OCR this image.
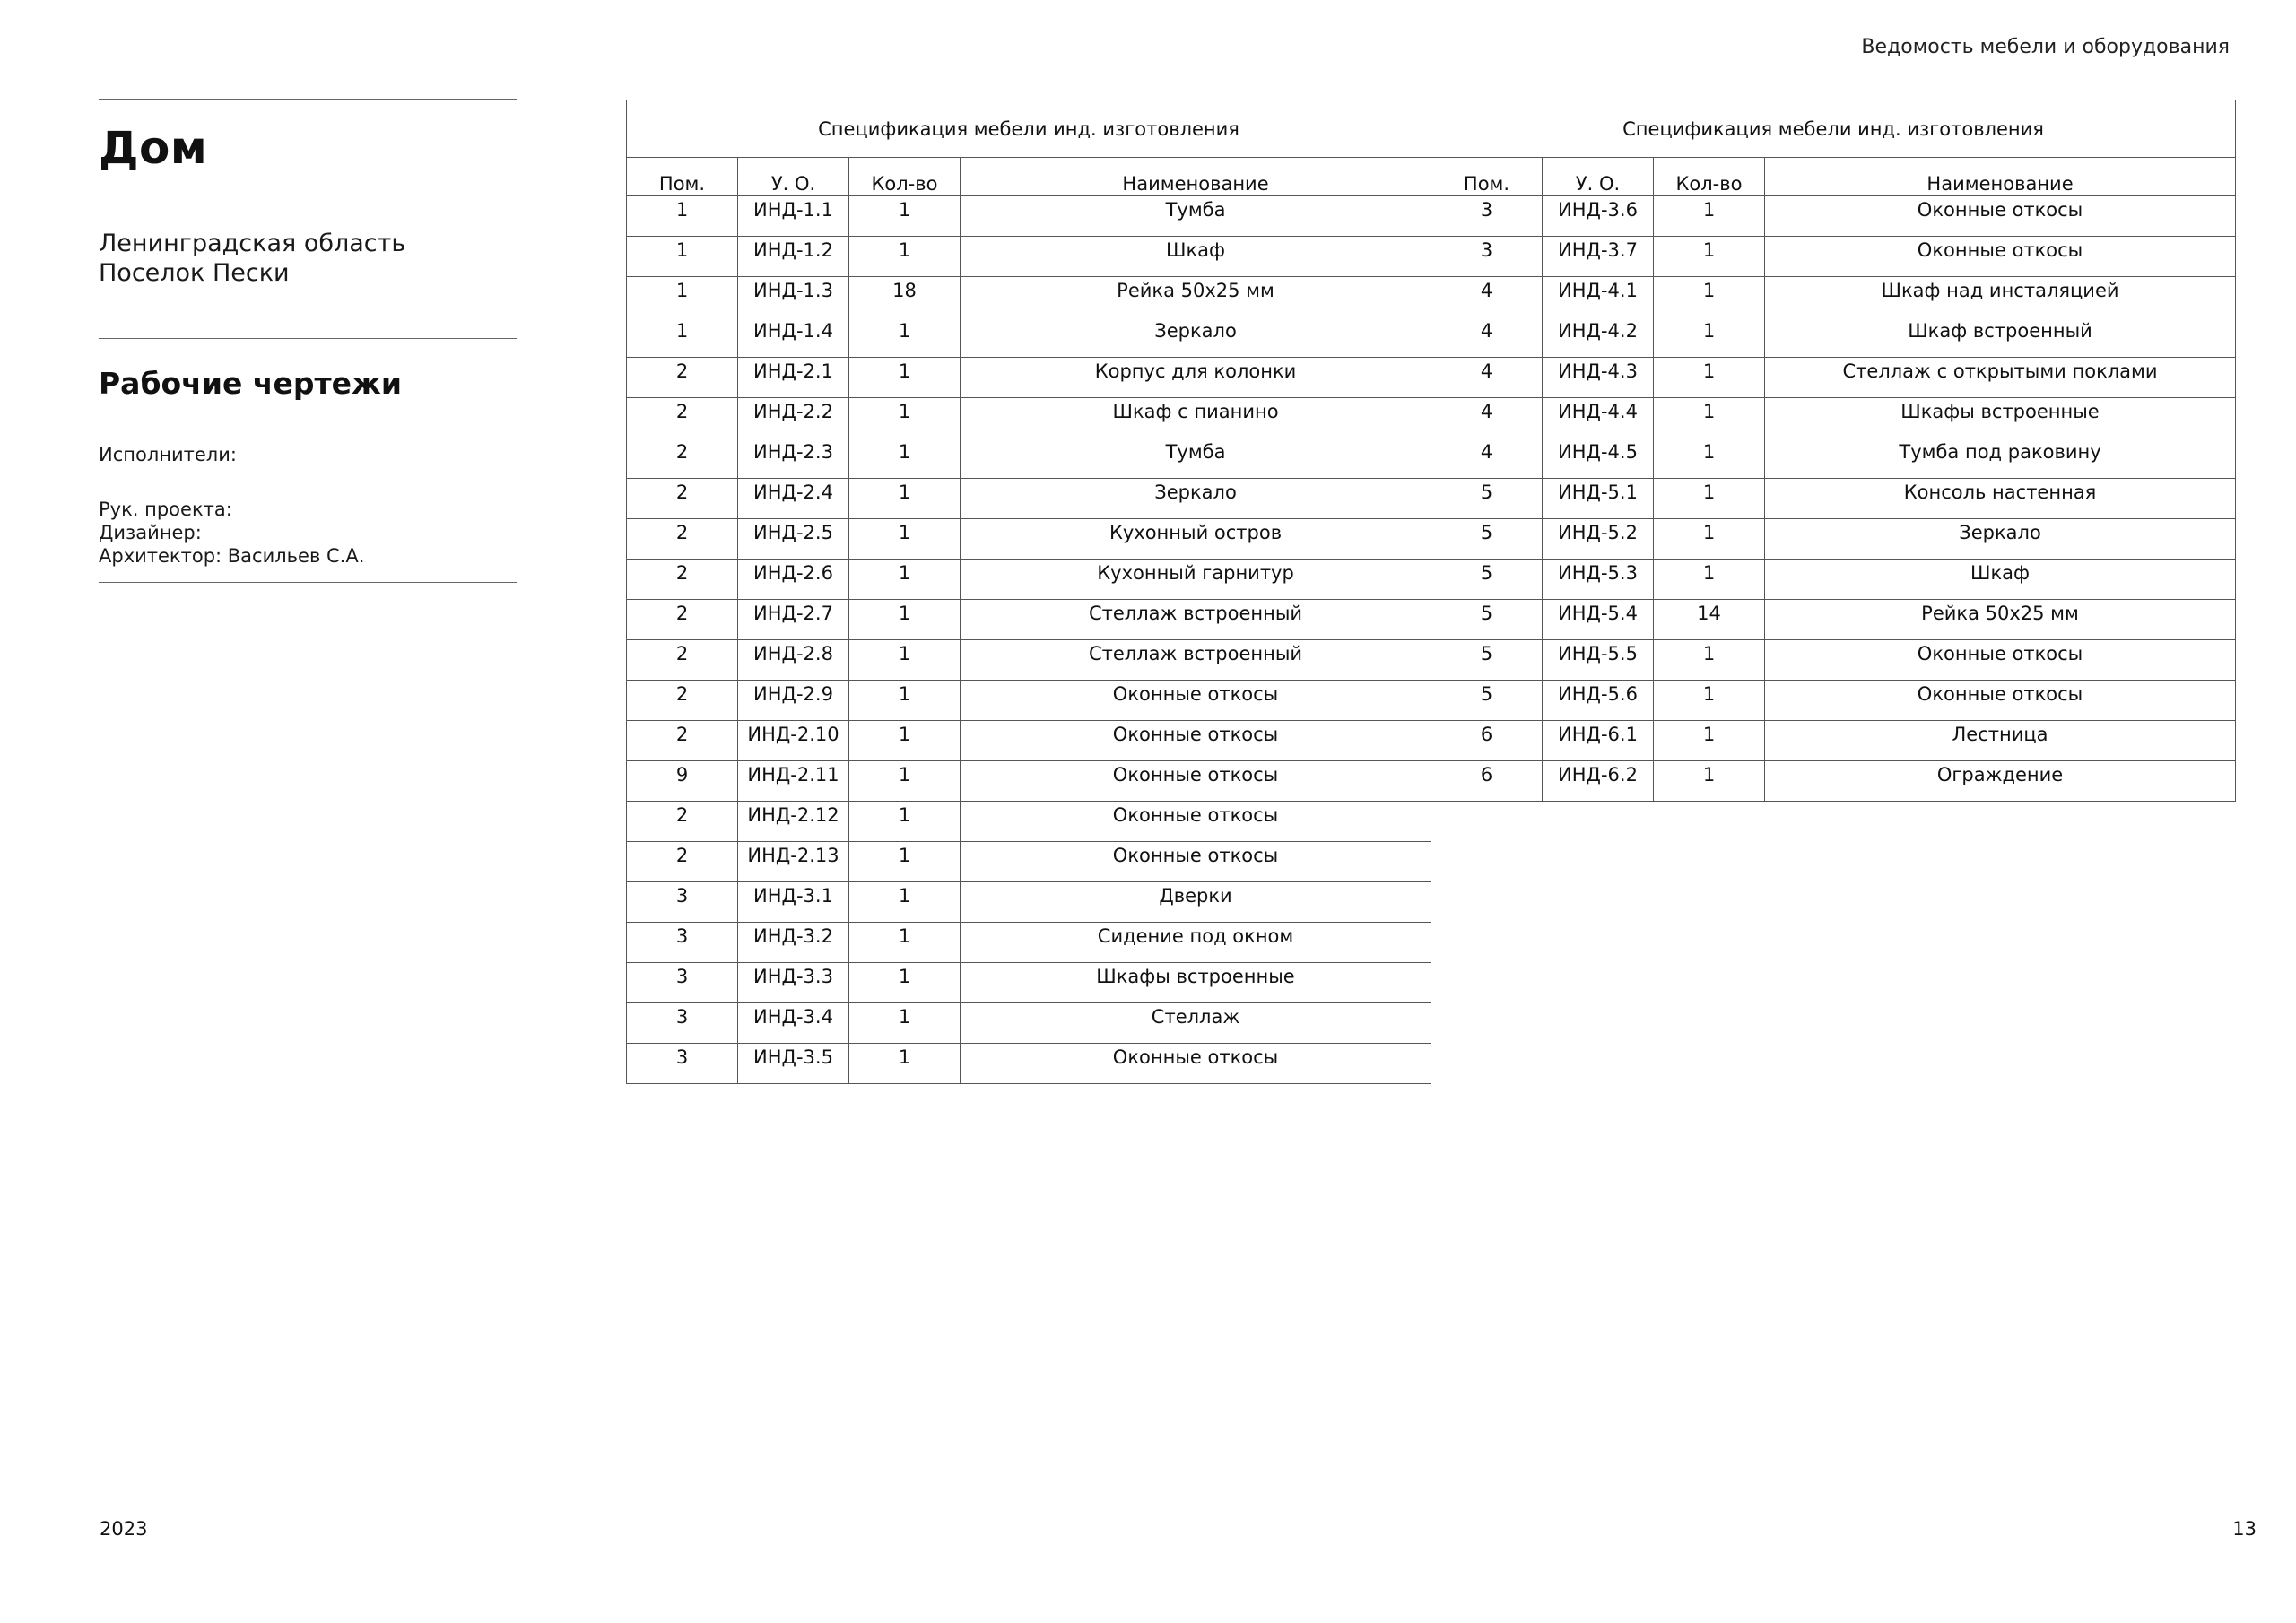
Ведомость мебели и оборудования
Дом
Ленинградская область
Поселок Пески
Рабочие чертежи
Исполнители:
Рук. проекта:
Дизайнер:
Архитектор: Васильев С.А.
Спецификация мебели инд. изготовления			
Пом.	У. О.	Кол-во	Наименование
1	ИНД-1.1	1	Тумба
1	ИНД-1.2	1	Шкаф
1	ИНД-1.3	18	Рейка 50х25 мм
1	ИНД-1.4	1	Зеркало
2	ИНД-2.1	1	Корпус для колонки
2	ИНД-2.2	1	Шкаф с пианино
2	ИНД-2.3	1	Тумба
2	ИНД-2.4	1	Зеркало
2	ИНД-2.5	1	Кухонный остров
2	ИНД-2.6	1	Кухонный гарнитур
2	ИНД-2.7	1	Стеллаж встроенный
2	ИНД-2.8	1	Стеллаж встроенный
2	ИНД-2.9	1	Оконные откосы
2	ИНД-2.10	1	Оконные откосы
9	ИНД-2.11	1	Оконные откосы
2	ИНД-2.12	1	Оконные откосы
2	ИНД-2.13	1	Оконные откосы
3	ИНД-3.1	1	Дверки
3	ИНД-3.2	1	Сидение под окном
3	ИНД-3.3	1	Шкафы встроенные
3	ИНД-3.4	1	Стеллаж
3	ИНД-3.5	1	Оконные откосы
Спецификация мебели инд. изготовления			
Пом.	У. О.	Кол-во	Наименование
3	ИНД-3.6	1	Оконные откосы
3	ИНД-3.7	1	Оконные откосы
4	ИНД-4.1	1	Шкаф над инсталяцией
4	ИНД-4.2	1	Шкаф встроенный
4	ИНД-4.3	1	Стеллаж с открытыми поклами
4	ИНД-4.4	1	Шкафы встроенные
4	ИНД-4.5	1	Тумба под раковину
5	ИНД-5.1	1	Консоль настенная
5	ИНД-5.2	1	Зеркало
5	ИНД-5.3	1	Шкаф
5	ИНД-5.4	14	Рейка 50х25 мм
5	ИНД-5.5	1	Оконные откосы
5	ИНД-5.6	1	Оконные откосы
6	ИНД-6.1	1	Лестница
6	ИНД-6.2	1	Ограждение
2023	13
